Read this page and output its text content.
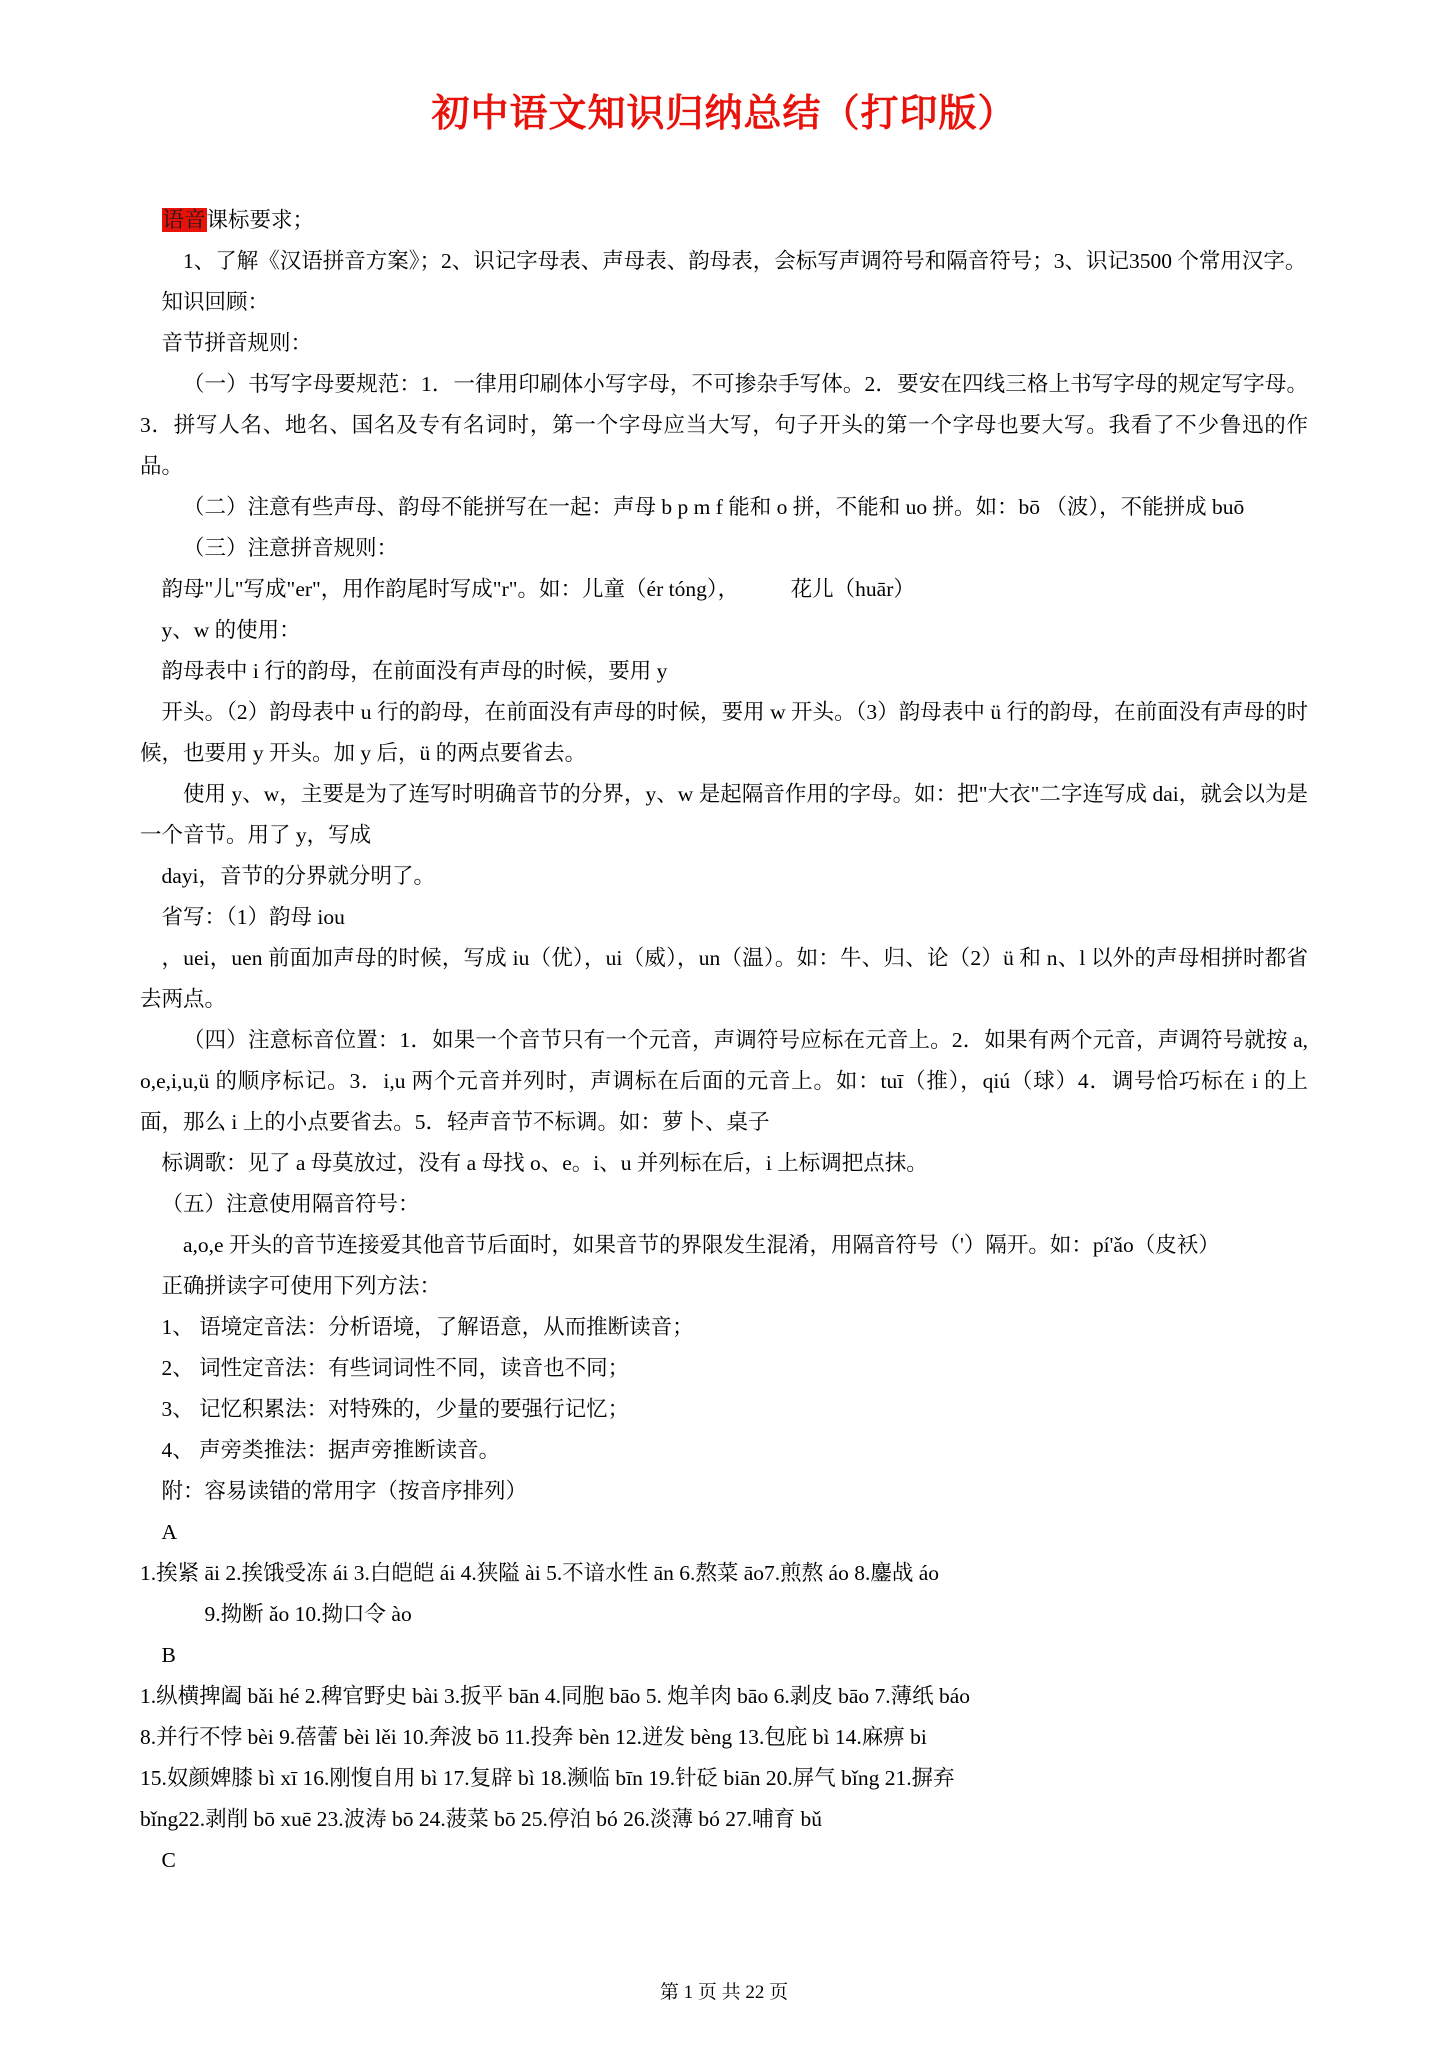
初中语文知识归纳总结（打印版）

语音课标要求；

1、了解《汉语拼音方案》；2、识记字母表、声母表、韵母表，会标写声调符号和隔音符号；3、识记3500 个常用汉字。

知识回顾：

音节拼音规则：

（一）书写字母要规范：1．一律用印刷体小写字母，不可掺杂手写体。2．要安在四线三格上书写字母的规定写字母。3．拼写人名、地名、国名及专有名词时，第一个字母应当大写，句子开头的第一个字母也要大写。我看了不少鲁迅的作品。

（二）注意有些声母、韵母不能拼写在一起：声母 b p m f 能和 o 拼，不能和 uo 拼。如：bō （波），不能拼成 buō

（三）注意拼音规则：

韵母"儿"写成"er"，用作韵尾时写成"r"。如：儿童（ér tóng）， 花儿（huār）

y、w 的使用：

韵母表中 i 行的韵母，在前面没有声母的时候，要用 y

开头。（2）韵母表中 u 行的韵母，在前面没有声母的时候，要用 w 开头。（3）韵母表中 ü 行的韵母，在前面没有声母的时候，也要用 y 开头。加 y 后，ü 的两点要省去。

使用 y、w，主要是为了连写时明确音节的分界，y、w 是起隔音作用的字母。如：把"大衣"二字连写成 dai，就会以为是一个音节。用了 y，写成

dayi，音节的分界就分明了。

省写：（1）韵母 iou

，uei，uen 前面加声母的时候，写成 iu（优），ui（威），un（温）。如：牛、归、论（2）ü 和 n、l 以外的声母相拼时都省去两点。

（四）注意标音位置：1．如果一个音节只有一个元音，声调符号应标在元音上。2．如果有两个元音，声调符号就按 a,o,e,i,u,ü 的顺序标记。3．i,u 两个元音并列时，声调标在后面的元音上。如：tuī（推），qiú（球）4．调号恰巧标在 i 的上面，那么 i 上的小点要省去。5．轻声音节不标调。如：萝卜、桌子

标调歌：见了 a 母莫放过，没有 a 母找 o、e。i、u 并列标在后，i 上标调把点抹。

（五）注意使用隔音符号：

a,o,e 开头的音节连接爱其他音节后面时，如果音节的界限发生混淆，用隔音符号（'）隔开。如：pí'ǎo（皮袄）

正确拼读字可使用下列方法：

1、 语境定音法：分析语境，了解语意，从而推断读音；

2、 词性定音法：有些词词性不同，读音也不同；

3、 记忆积累法：对特殊的，少量的要强行记忆；

4、 声旁类推法：据声旁推断读音。

附：容易读错的常用字（按音序排列）

A

1.挨紧 āi 2.挨饿受冻 ái 3.白皑皑 ái 4.狭隘 ài 5.不谙水性 ān 6.熬菜 āo7.煎熬 áo 8.鏖战 áo

9.拗断 ǎo 10.拗口令 ào

B

1.纵横捭阖 bǎi hé 2.稗官野史 bài 3.扳平 bān 4.同胞 bāo 5. 炮羊肉 bāo 6.剥皮 bāo 7.薄纸 báo

8.并行不悖 bèi 9.蓓蕾 bèi lěi 10.奔波 bō 11.投奔 bèn 12.迸发 bèng 13.包庇 bì 14.麻痹 bi

15.奴颜婢膝 bì xī 16.刚愎自用 bì 17.复辟 bì 18.濒临 bīn 19.针砭 biān 20.屏气 bǐng 21.摒弃

bǐng22.剥削 bō xuē 23.波涛 bō 24.菠菜 bō 25.停泊 bó 26.淡薄 bó 27.哺育 bǔ

C

第 1 页 共 22 页
